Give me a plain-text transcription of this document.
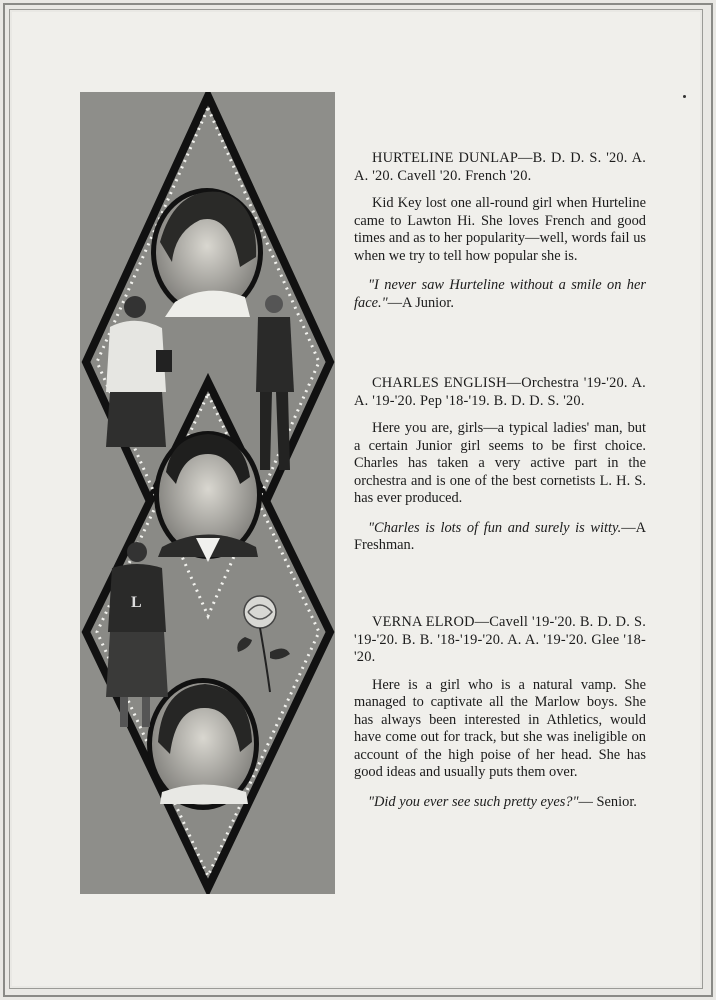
L

HURTELINE DUNLAP—B. D. D. S. '20. A. A. '20. Cavell '20. French '20.

Kid Key lost one all-round girl when Hurteline came to Lawton Hi. She loves French and good times and as to her popularity—well, words fail us when we try to tell how popular she is.

"I never saw Hurteline without a smile on her face."—A Junior.

CHARLES ENGLISH—Orchestra '19-'20. A. A. '19-'20. Pep '18-'19. B. D. D. S. '20.

Here you are, girls—a typical ladies' man, but a certain Junior girl seems to be first choice. Charles has taken a very active part in the orchestra and is one of the best cornetists L. H. S. has ever produced.

"Charles is lots of fun and surely is witty.—A Freshman.

VERNA ELROD—Cavell '19-'20. B. D. D. S. '19-'20. B. B. '18-'19-'20. A. A. '19-'20. Glee '18-'20.

Here is a girl who is a natural vamp. She managed to captivate all the Marlow boys. She has always been interested in Athletics, would have come out for track, but she was ineligible on account of the high poise of her head. She has good ideas and usually puts them over.

"Did you ever see such pretty eyes?"— Senior.
